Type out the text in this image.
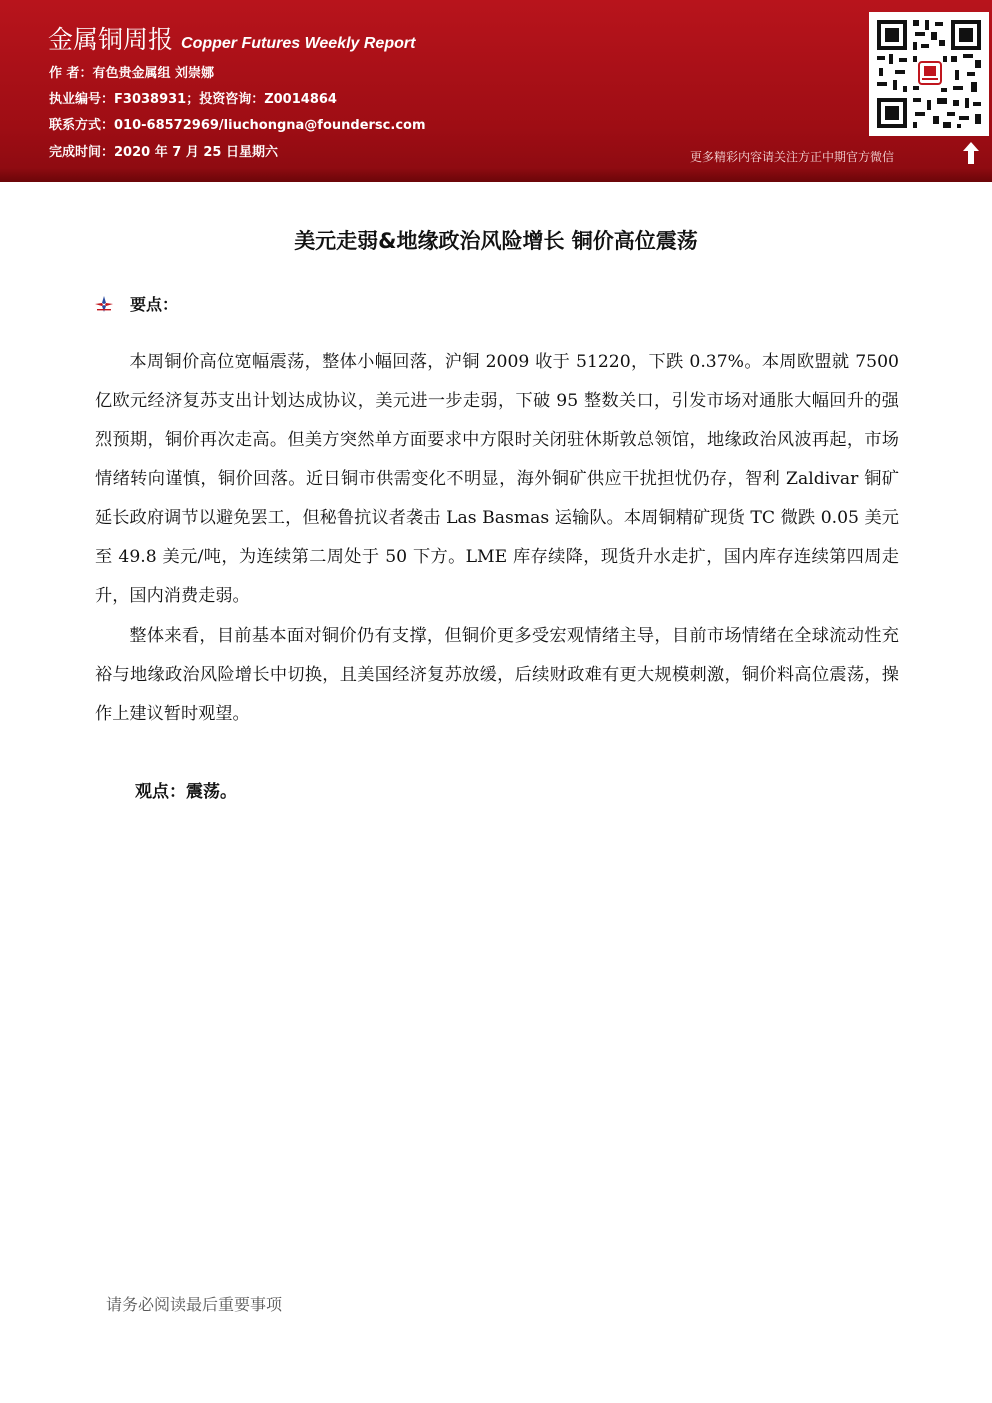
金属铜周报 Copper Futures Weekly Report
作 者：有色贵金属组 刘崇娜
执业编号：F3038931；投资咨询：Z0014864
联系方式：010-68572969/liuchongna@foundersc.com
完成时间：2020 年 7 月 25 日星期六	更多精彩内容请关注方正中期官方微信
美元走弱&地缘政治风险增长 铜价高位震荡
要点：
本周铜价高位宽幅震荡，整体小幅回落，沪铜 2009 收于 51220，下跌 0.37%。本周欧盟就 7500 亿欧元经济复苏支出计划达成协议，美元进一步走弱，下破 95 整数关口，引发市场对通胀大幅回升的强烈预期，铜价再次走高。但美方突然单方面要求中方限时关闭驻休斯敦总领馆，地缘政治风波再起，市场情绪转向谨慎，铜价回落。近日铜市供需变化不明显，海外铜矿供应干扰担忧仍存，智利 Zaldivar 铜矿延长政府调节以避免罢工，但秘鲁抗议者袭击 Las Basmas 运输队。本周铜精矿现货 TC 微跌 0.05 美元至 49.8 美元/吨，为连续第二周处于 50 下方。LME 库存续降，现货升水走扩，国内库存连续第四周走升，国内消费走弱。
整体来看，目前基本面对铜价仍有支撑，但铜价更多受宏观情绪主导，目前市场情绪在全球流动性充裕与地缘政治风险增长中切换，且美国经济复苏放缓，后续财政难有更大规模刺激，铜价料高位震荡，操作上建议暂时观望。
观点：震荡。
请务必阅读最后重要事项
